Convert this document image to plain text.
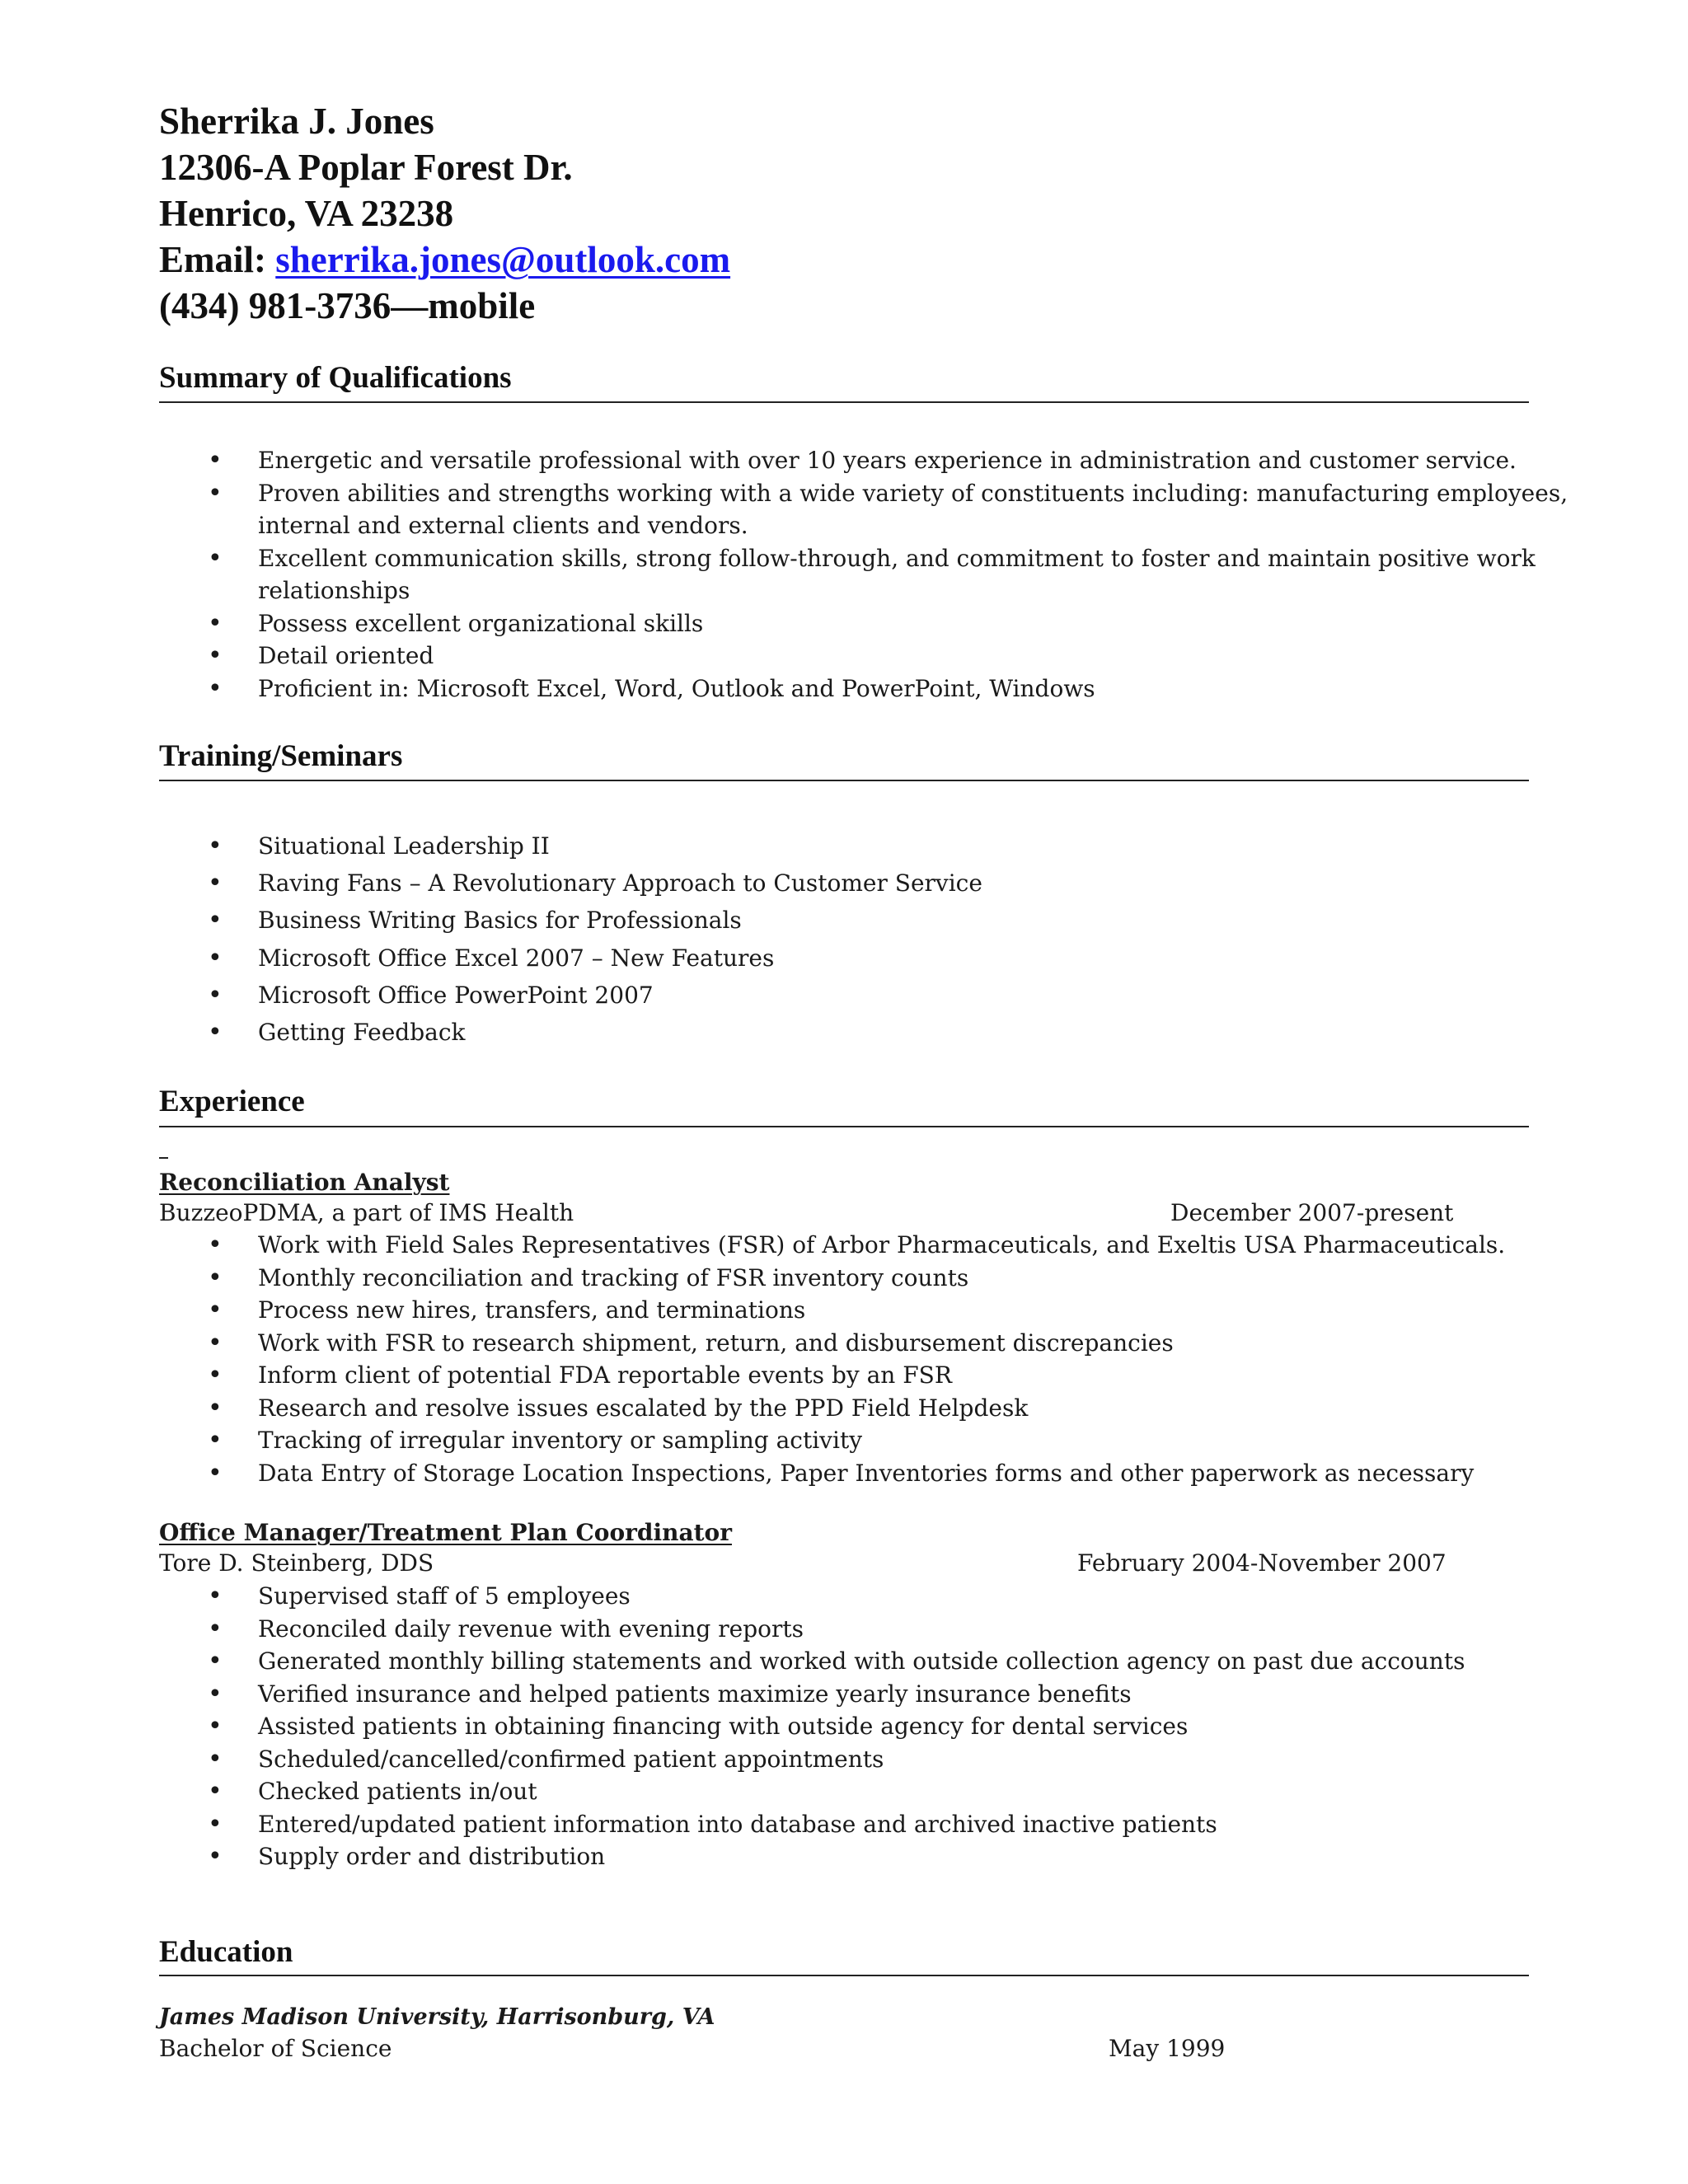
Sherrika J. Jones
12306-A Poplar Forest Dr.
Henrico, VA 23238
Email: sherrika.jones@outlook.com
(434) 981-3736—mobile
Summary of Qualifications
• Energetic and versatile professional with over 10 years experience in administration and customer service.
• Proven abilities and strengths working with a wide variety of constituents including: manufacturing employees,
internal and external clients and vendors.
• Excellent communication skills, strong follow-through, and commitment to foster and maintain positive work
relationships
• Possess excellent organizational skills
• Detail oriented
• Proficient in: Microsoft Excel, Word, Outlook and PowerPoint, Windows
Training/Seminars
• Situational Leadership II
• Raving Fans – A Revolutionary Approach to Customer Service
• Business Writing Basics for Professionals
• Microsoft Office Excel 2007 – New Features
• Microsoft Office PowerPoint 2007
• Getting Feedback
Experience
Reconciliation Analyst
BuzzeoPDMA, a part of IMS Health	December 2007-present
• Work with Field Sales Representatives (FSR) of Arbor Pharmaceuticals, and Exeltis USA Pharmaceuticals.
• Monthly reconciliation and tracking of FSR inventory counts
• Process new hires, transfers, and terminations
• Work with FSR to research shipment, return, and disbursement discrepancies
• Inform client of potential FDA reportable events by an FSR
• Research and resolve issues escalated by the PPD Field Helpdesk
• Tracking of irregular inventory or sampling activity
• Data Entry of Storage Location Inspections, Paper Inventories forms and other paperwork as necessary
Office Manager/Treatment Plan Coordinator
Tore D. Steinberg, DDS	February 2004-November 2007
• Supervised staff of 5 employees
• Reconciled daily revenue with evening reports
• Generated monthly billing statements and worked with outside collection agency on past due accounts
• Verified insurance and helped patients maximize yearly insurance benefits
• Assisted patients in obtaining financing with outside agency for dental services
• Scheduled/cancelled/confirmed patient appointments
• Checked patients in/out
• Entered/updated patient information into database and archived inactive patients
• Supply order and distribution
Education
James Madison University, Harrisonburg, VA
Bachelor of Science	May 1999
